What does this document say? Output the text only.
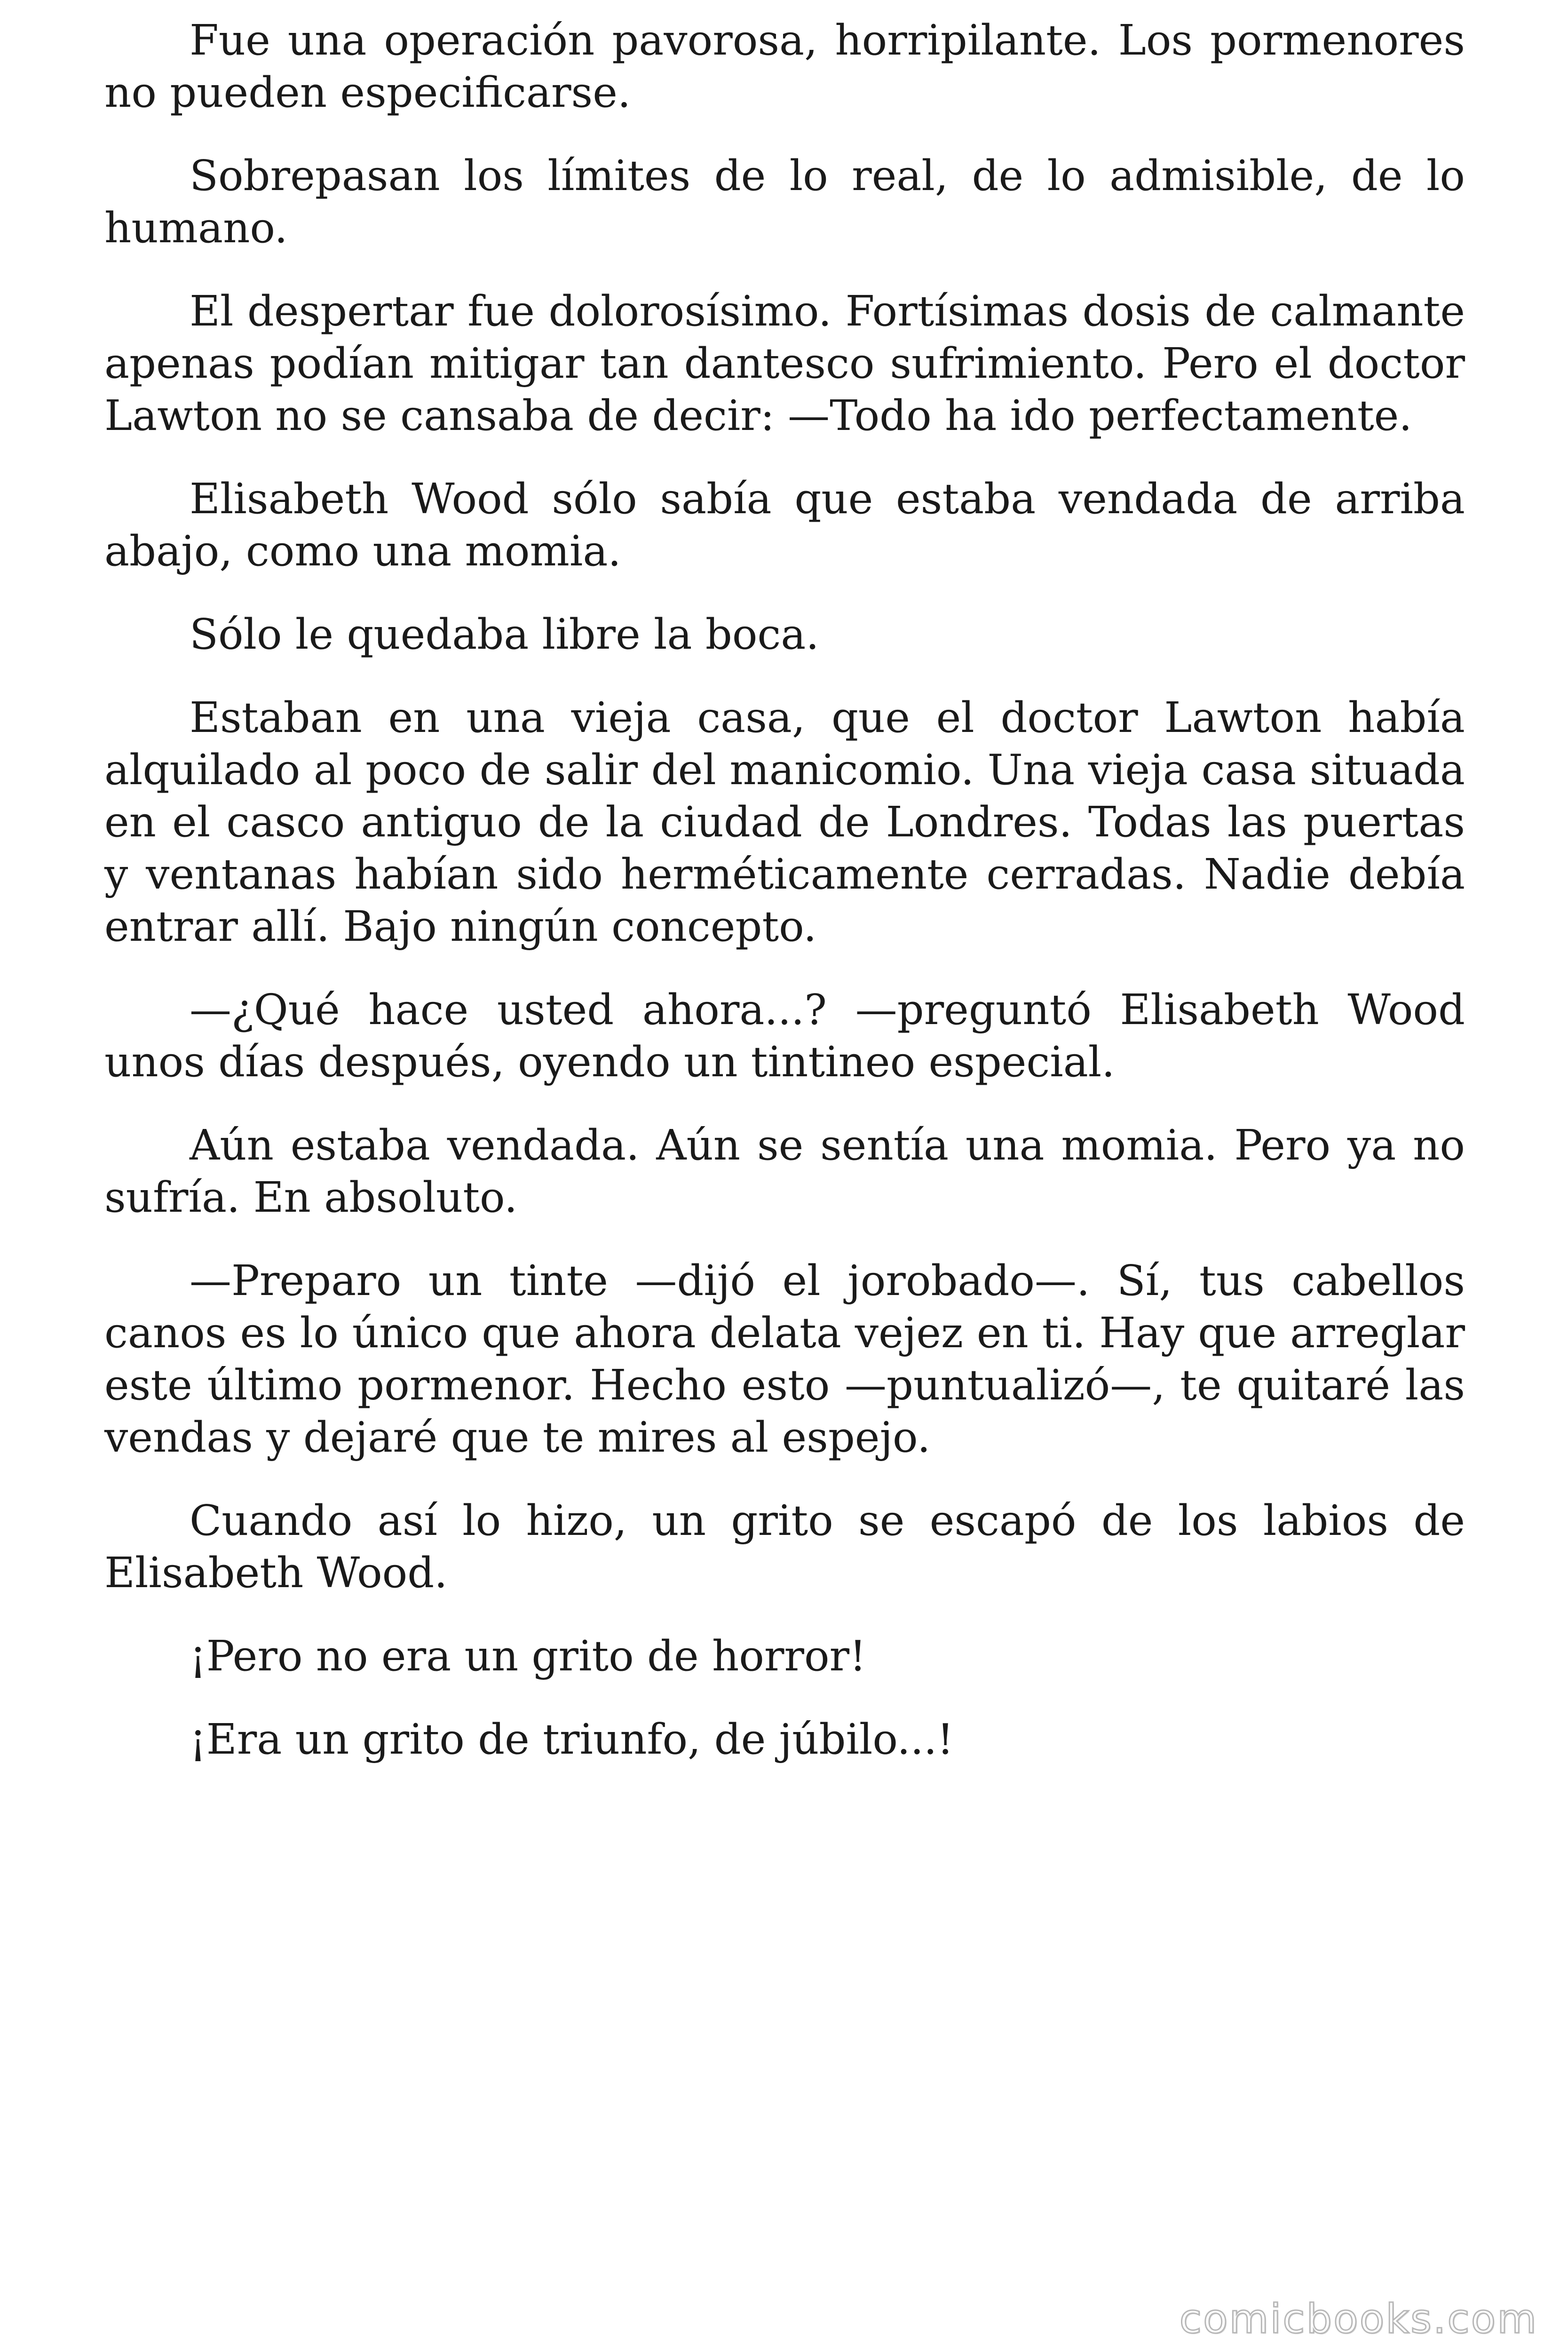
Fue una operación pavorosa, horripilante. Los pormenores no pueden especificarse.

Sobrepasan los límites de lo real, de lo admisible, de lo humano.

El despertar fue dolorosísimo. Fortísimas dosis de calmante apenas podían mitigar tan dantesco sufrimiento. Pero el doctor Lawton no se cansaba de decir: —Todo ha ido perfectamente.

Elisabeth Wood sólo sabía que estaba vendada de arriba abajo, como una momia.

Sólo le quedaba libre la boca.

Estaban en una vieja casa, que el doctor Lawton había alquilado al poco de salir del manicomio. Una vieja casa situada en el casco antiguo de la ciudad de Londres. Todas las puertas y ventanas habían sido herméticamente cerradas. Nadie debía entrar allí. Bajo ningún concepto.

—¿Qué hace usted ahora...? —preguntó Elisabeth Wood unos días después, oyendo un tintineo especial.

Aún estaba vendada. Aún se sentía una momia. Pero ya no sufría. En absoluto.

—Preparo un tinte —dijó el jorobado—. Sí, tus cabellos canos es lo único que ahora delata vejez en ti. Hay que arreglar este último pormenor. Hecho esto —puntualizó—, te quitaré las vendas y dejaré que te mires al espejo.

Cuando así lo hizo, un grito se escapó de los labios de Elisabeth Wood.

¡Pero no era un grito de horror!

¡Era un grito de triunfo, de júbilo...!

comicbooks.com
